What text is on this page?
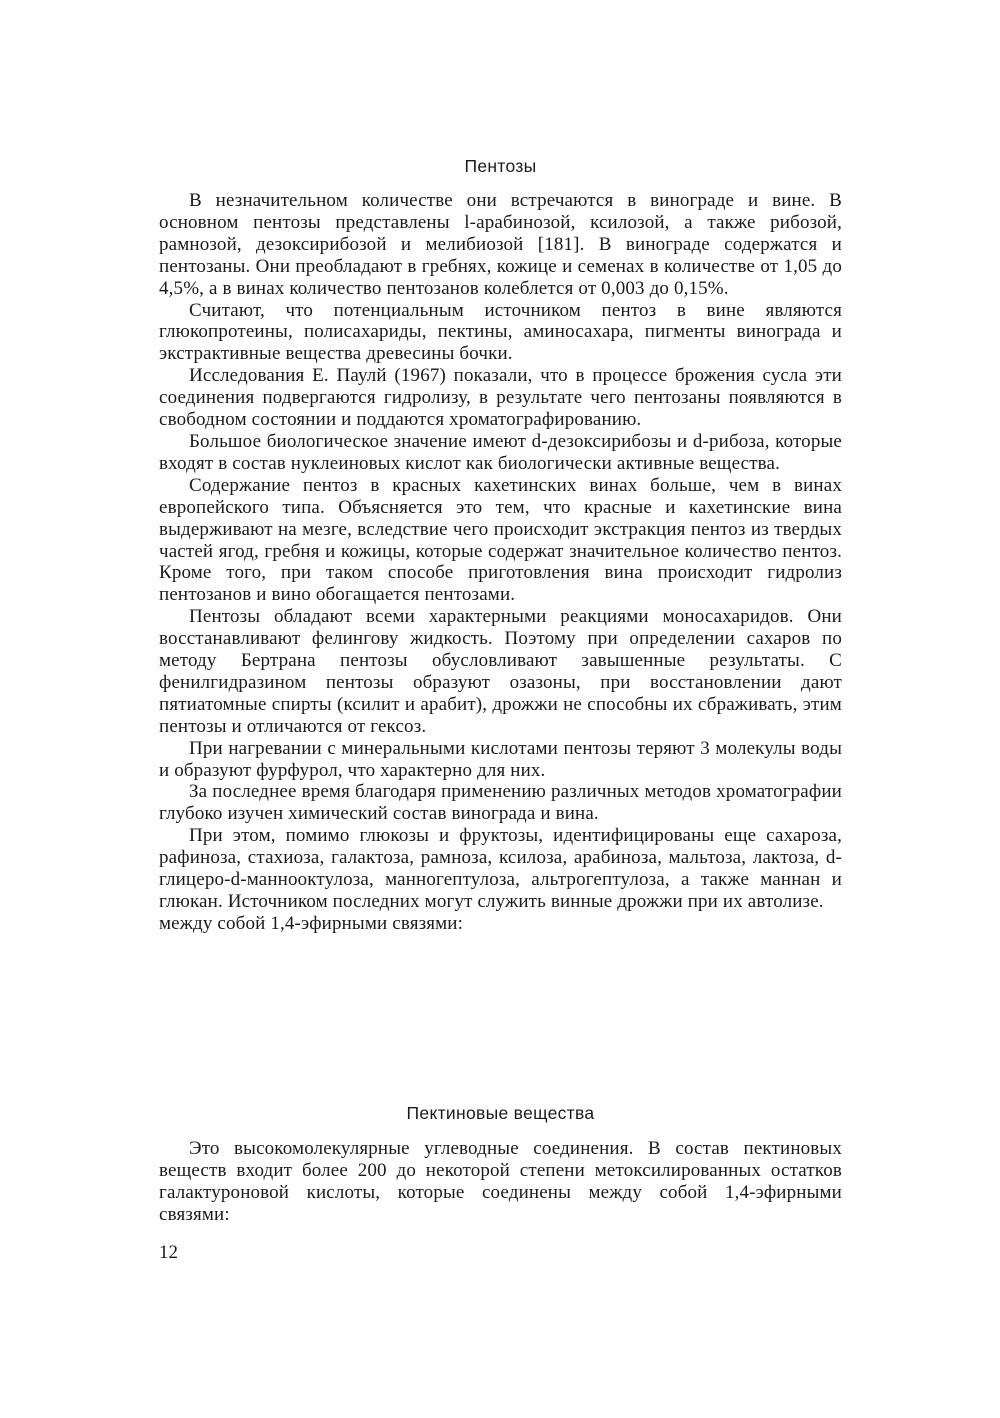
Пентозы

В незначительном количестве они встречаются в винограде и вине. В основном пентозы представлены l-арабинозой, ксилозой, а также рибозой, рамнозой, дезоксирибозой и мелибиозой [181]. В винограде содержатся и пентозаны. Они преобладают в гребнях, кожице и семенах в количестве от 1,05 до 4,5%, а в винах количество пентозанов колеблется от 0,003 до 0,15%.

Считают, что потенциальным источником пентоз в вине являются глюкопротеины, полисахариды, пектины, аминосахара, пигменты винограда и экстрактивные вещества древесины бочки.

Исследования Е. Паулй (1967) показали, что в процессе брожения сусла эти соединения подвергаются гидролизу, в результате чего пентозаны появляются в свободном состоянии и поддаются хроматографированию.

Большое биологическое значение имеют d-дезоксирибозы и d-рибоза, которые входят в состав нуклеиновых кислот как биологически активные вещества.

Содержание пентоз в красных кахетинских винах больше, чем в винах европейского типа. Объясняется это тем, что красные и кахетинские вина выдерживают на мезге, вследствие чего происходит экстракция пентоз из твердых частей ягод, гребня и кожицы, которые содержат значительное количество пентоз. Кроме того, при таком способе приготовления вина происходит гидролиз пентозанов и вино обогащается пентозами.

Пентозы обладают всеми характерными реакциями моносахаридов. Они восстанавливают фелингову жидкость. Поэтому при определении сахаров по методу Бертрана пентозы обусловливают завышенные результаты. С фенилгидразином пентозы образуют озазоны, при восстановлении дают пятиатомные спирты (ксилит и арабит), дрожжи не способны их сбраживать, этим пентозы и отличаются от гексоз.

При нагревании с минеральными кислотами пентозы теряют 3 молекулы воды и образуют фурфурол, что характерно для них.

За последнее время благодаря применению различных методов хроматографии глубоко изучен химический состав винограда и вина.

При этом, помимо глюкозы и фруктозы, идентифицированы еще сахароза, рафиноза, стахиоза, галактоза, рамноза, ксилоза, арабиноза, мальтоза, лактоза, d-глицеро-d-манноoктулоза, манногептулоза, альтрогептулоза, а также маннан и глюкан. Источником последних могут служить винные дрожжи при их автолизе.

между собой 1,4-эфирными связями:

Пектиновые вещества

Это высокомолекулярные углеводные соединения. В состав пектиновых веществ входит более 200 до некоторой степени метоксилированных остатков галактуроновой кислоты, которые соединены между собой 1,4-эфирными связями:

12
